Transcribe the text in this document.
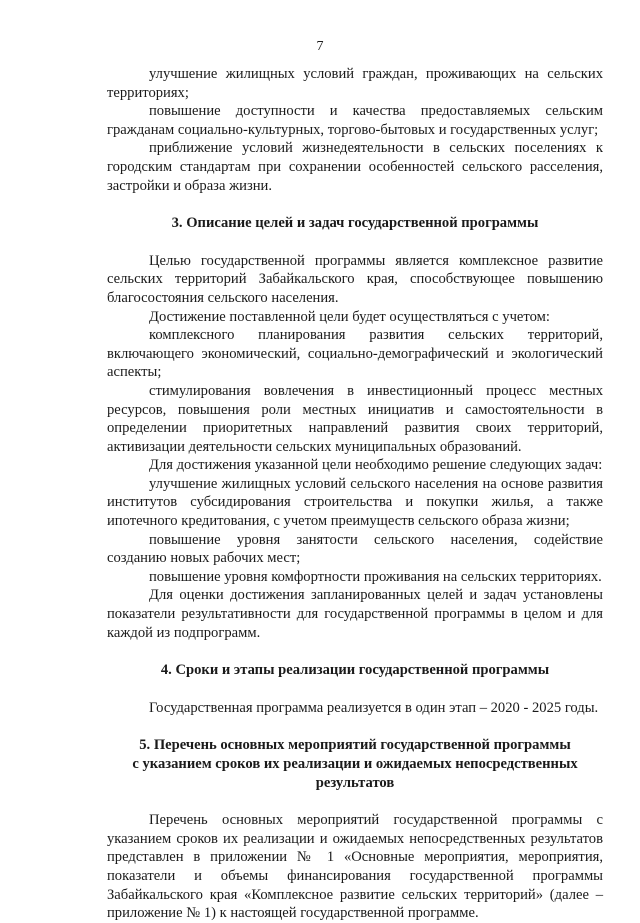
7

улучшение жилищных условий граждан, проживающих на сельских территориях;

повышение доступности и качества предоставляемых сельским гражданам социально-культурных, торгово-бытовых и государственных услуг;

приближение условий жизнедеятельности в сельских поселениях к городским стандартам при сохранении особенностей сельского расселения, застройки и образа жизни.

3. Описание целей и задач государственной программы

Целью государственной программы является комплексное развитие сельских территорий Забайкальского края, способствующее повышению благосостояния сельского населения.

Достижение поставленной цели будет осуществляться с учетом:

комплексного планирования развития сельских территорий, включающего экономический, социально-демографический и экологический аспекты;

стимулирования вовлечения в инвестиционный процесс местных ресурсов, повышения роли местных инициатив и самостоятельности в определении приоритетных направлений развития своих территорий, активизации деятельности сельских муниципальных образований.

Для достижения указанной цели необходимо решение следующих задач:

улучшение жилищных условий сельского населения на основе развития институтов субсидирования строительства и покупки жилья, а также ипотечного кредитования, с учетом преимуществ сельского образа жизни;

повышение уровня занятости сельского населения, содействие созданию новых рабочих мест;

повышение уровня комфортности проживания на сельских территориях.

Для оценки достижения запланированных целей и задач установлены показатели результативности для государственной программы в целом и для каждой из подпрограмм.

4. Сроки и этапы реализации государственной программы

Государственная программа реализуется в один этап – 2020 - 2025 годы.

5. Перечень основных мероприятий государственной программы

с указанием сроков их реализации и ожидаемых непосредственных

результатов

Перечень основных мероприятий государственной программы с указанием сроков их реализации и ожидаемых непосредственных результатов представлен в приложении № 1 «Основные мероприятия, мероприятия, показатели и объемы финансирования государственной программы Забайкальского края «Комплексное развитие сельских территорий» (далее – приложение № 1) к настоящей государственной программе.
